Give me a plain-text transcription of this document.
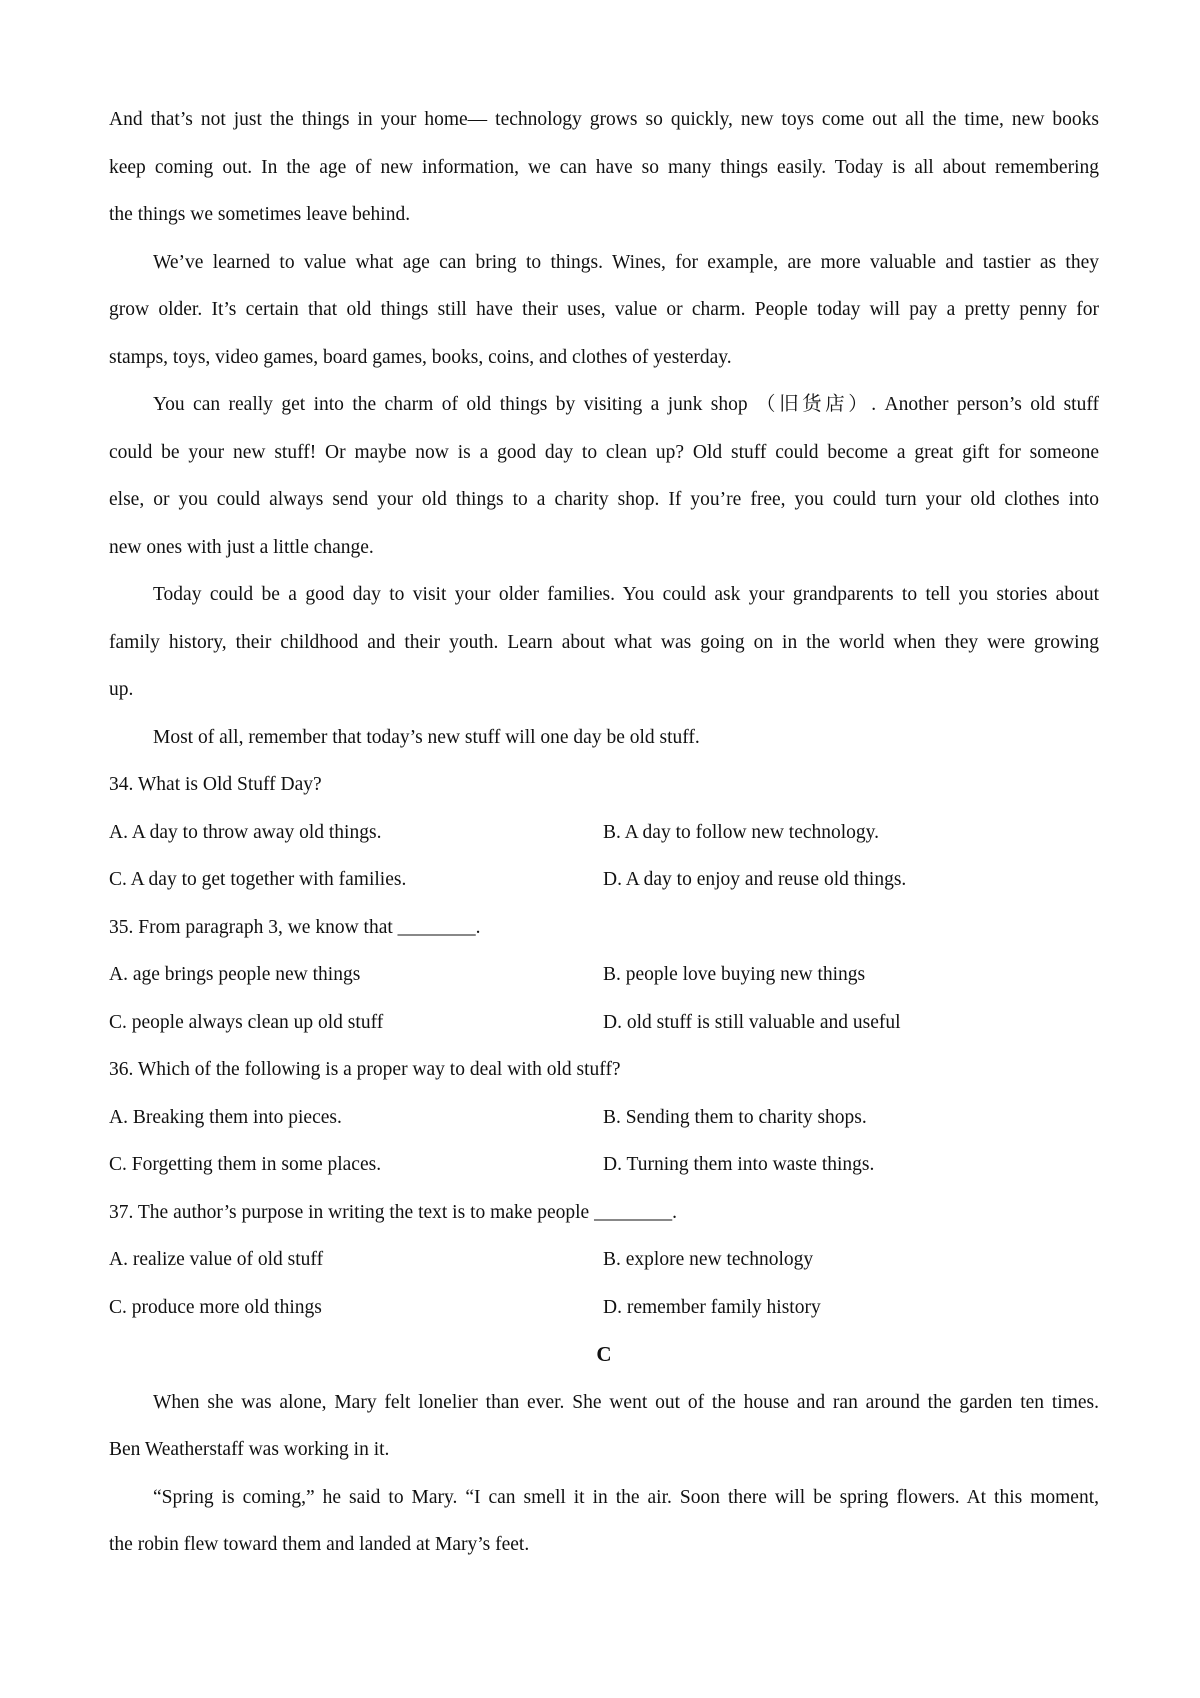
And that’s not just the things in your home— technology grows so quickly, new toys come out all the time, new books
keep coming out. In the age of new information, we can have so many things easily. Today is all about remembering
the things we sometimes leave behind.
We’ve learned to value what age can bring to things. Wines, for example, are more valuable and tastier as they
grow older. It’s certain that old things still have their uses, value or charm. People today will pay a pretty penny for
stamps, toys, video games, board games, books, coins, and clothes of yesterday.
You can really get into the charm of old things by visiting a junk shop （旧货店）. Another person’s old stuff
could be your new stuff! Or maybe now is a good day to clean up? Old stuff could become a great gift for someone
else, or you could always send your old things to a charity shop. If you’re free, you could turn your old clothes into
new ones with just a little change.
Today could be a good day to visit your older families. You could ask your grandparents to tell you stories about
family history, their childhood and their youth. Learn about what was going on in the world when they were growing
up.
Most of all, remember that today’s new stuff will one day be old stuff.
34. What is Old Stuff Day?
A. A day to throw away old things.	B. A day to follow new technology.
C. A day to get together with families.	D. A day to enjoy and reuse old things.
35. From paragraph 3, we know that ________.
A. age brings people new things	B. people love buying new things
C. people always clean up old stuff	D. old stuff is still valuable and useful
36. Which of the following is a proper way to deal with old stuff?
A. Breaking them into pieces.	B. Sending them to charity shops.
C. Forgetting them in some places.	D. Turning them into waste things.
37. The author’s purpose in writing the text is to make people ________.
A. realize value of old stuff	B. explore new technology
C. produce more old things	D. remember family history
C
When she was alone, Mary felt lonelier than ever. She went out of the house and ran around the garden ten times.
Ben Weatherstaff was working in it.
“Spring is coming,” he said to Mary. “I can smell it in the air. Soon there will be spring flowers. At this moment,
the robin flew toward them and landed at Mary’s feet.
